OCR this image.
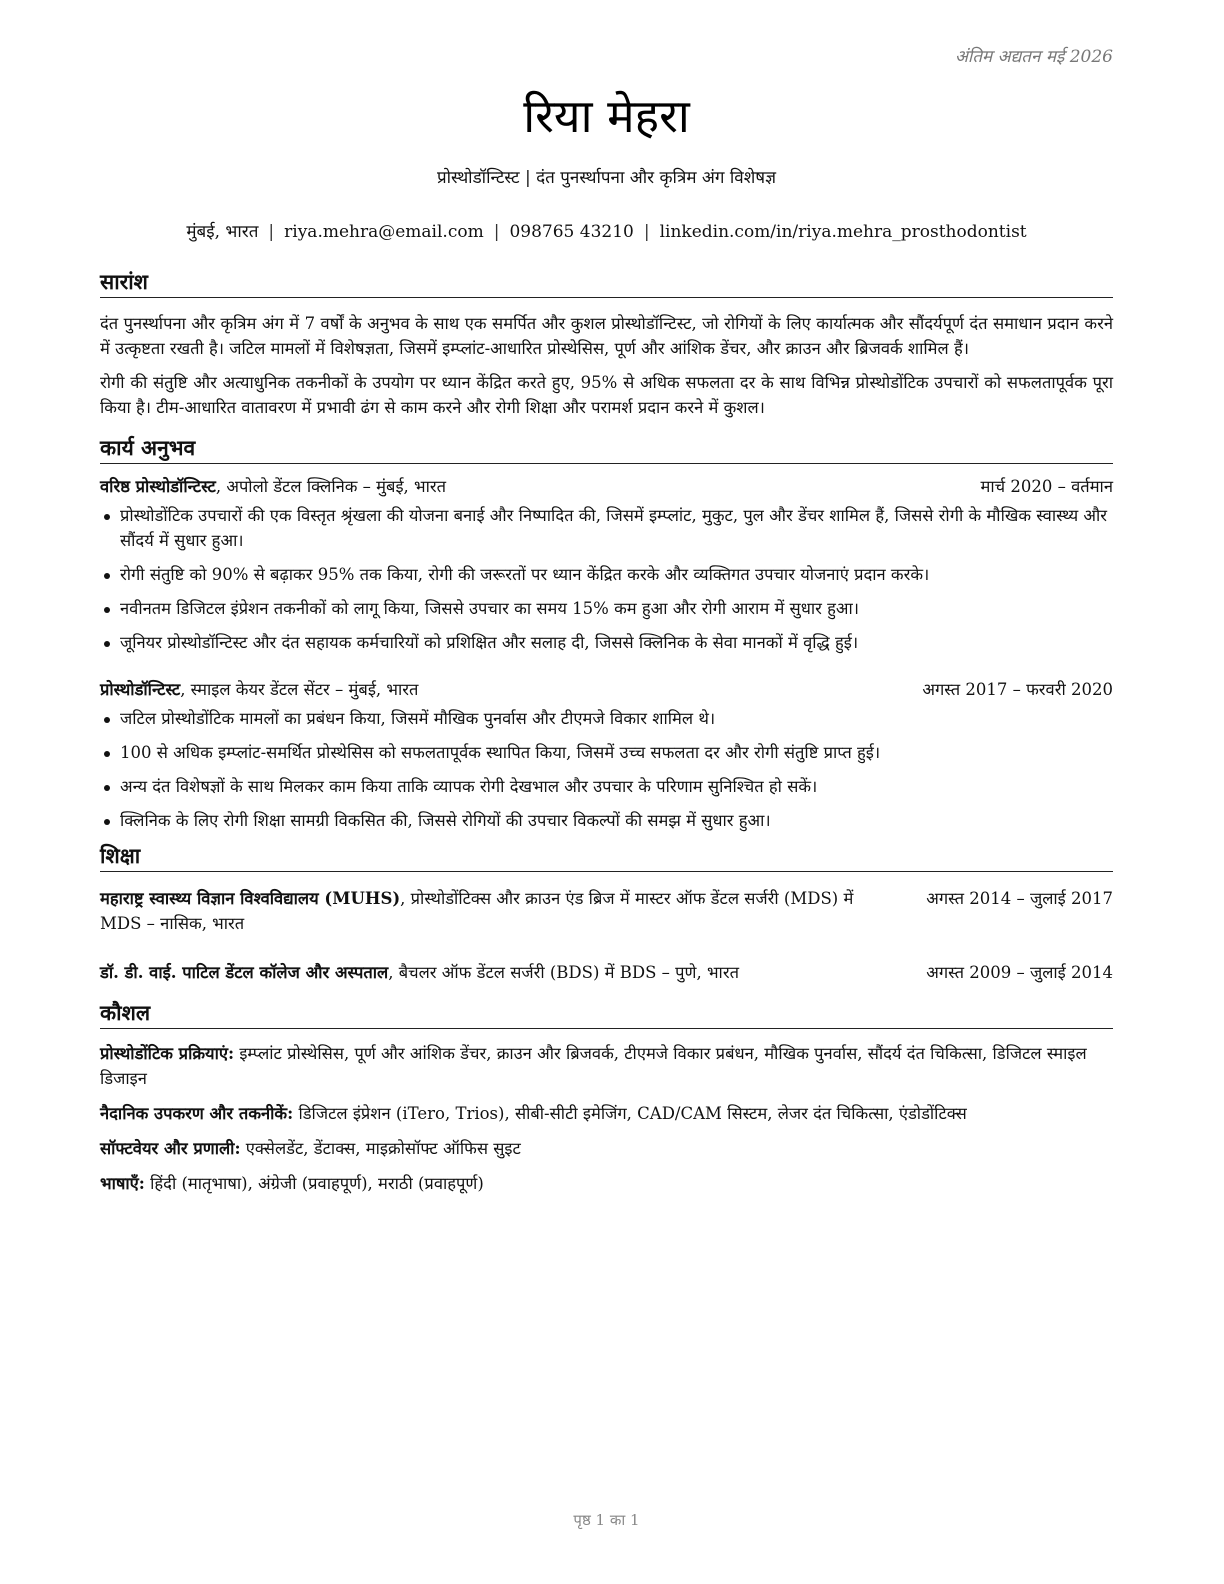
अंतिम अद्यतन मई 2026
रिया मेहरा
प्रोस्थोडॉन्टिस्ट | दंत पुनर्स्थापना और कृत्रिम अंग विशेषज्ञ
मुंबई, भारत | riya.mehra@email.com | 098765 43210 | linkedin.com/in/riya.mehra_prosthodontist
सारांश

दंत पुनर्स्थापना और कृत्रिम अंग में 7 वर्षों के अनुभव के साथ एक समर्पित और कुशल प्रोस्थोडॉन्टिस्ट, जो रोगियों के लिए कार्यात्मक और सौंदर्यपूर्ण दंत समाधान प्रदान करने में उत्कृष्टता रखती है। जटिल मामलों में विशेषज्ञता, जिसमें इम्प्लांट-आधारित प्रोस्थेसिस, पूर्ण और आंशिक डेंचर, और क्राउन और ब्रिजवर्क शामिल हैं।

रोगी की संतुष्टि और अत्याधुनिक तकनीकों के उपयोग पर ध्यान केंद्रित करते हुए, 95% से अधिक सफलता दर के साथ विभिन्न प्रोस्थोडोंटिक उपचारों को सफलतापूर्वक पूरा किया है। टीम-आधारित वातावरण में प्रभावी ढंग से काम करने और रोगी शिक्षा और परामर्श प्रदान करने में कुशल।

कार्य अनुभव
वरिष्ठ प्रोस्थोडॉन्टिस्ट, अपोलो डेंटल क्लिनिक – मुंबई, भारत	मार्च 2020 – वर्तमान
प्रोस्थोडोंटिक उपचारों की एक विस्तृत श्रृंखला की योजना बनाई और निष्पादित की, जिसमें इम्प्लांट, मुकुट, पुल और डेंचर शामिल हैं, जिससे रोगी के मौखिक स्वास्थ्य और सौंदर्य में सुधार हुआ।
रोगी संतुष्टि को 90% से बढ़ाकर 95% तक किया, रोगी की जरूरतों पर ध्यान केंद्रित करके और व्यक्तिगत उपचार योजनाएं प्रदान करके।
नवीनतम डिजिटल इंप्रेशन तकनीकों को लागू किया, जिससे उपचार का समय 15% कम हुआ और रोगी आराम में सुधार हुआ।
जूनियर प्रोस्थोडॉन्टिस्ट और दंत सहायक कर्मचारियों को प्रशिक्षित और सलाह दी, जिससे क्लिनिक के सेवा मानकों में वृद्धि हुई।
प्रोस्थोडॉन्टिस्ट, स्माइल केयर डेंटल सेंटर – मुंबई, भारत	अगस्त 2017 – फरवरी 2020
जटिल प्रोस्थोडोंटिक मामलों का प्रबंधन किया, जिसमें मौखिक पुनर्वास और टीएमजे विकार शामिल थे।
100 से अधिक इम्प्लांट-समर्थित प्रोस्थेसिस को सफलतापूर्वक स्थापित किया, जिसमें उच्च सफलता दर और रोगी संतुष्टि प्राप्त हुई।
अन्य दंत विशेषज्ञों के साथ मिलकर काम किया ताकि व्यापक रोगी देखभाल और उपचार के परिणाम सुनिश्चित हो सकें।
क्लिनिक के लिए रोगी शिक्षा सामग्री विकसित की, जिससे रोगियों की उपचार विकल्पों की समझ में सुधार हुआ।
शिक्षा
महाराष्ट्र स्वास्थ्य विज्ञान विश्वविद्यालय (MUHS), प्रोस्थोडोंटिक्स और क्राउन एंड ब्रिज में मास्टर ऑफ डेंटल सर्जरी (MDS) में MDS – नासिक, भारत
अगस्त 2014 – जुलाई 2017
डॉ. डी. वाई. पाटिल डेंटल कॉलेज और अस्पताल, बैचलर ऑफ डेंटल सर्जरी (BDS) में BDS – पुणे, भारत	अगस्त 2009 – जुलाई 2014
कौशल
प्रोस्थोडोंटिक प्रक्रियाएं: इम्प्लांट प्रोस्थेसिस, पूर्ण और आंशिक डेंचर, क्राउन और ब्रिजवर्क, टीएमजे विकार प्रबंधन, मौखिक पुनर्वास, सौंदर्य दंत चिकित्सा, डिजिटल स्माइल डिजाइन
नैदानिक उपकरण और तकनीकें: डिजिटल इंप्रेशन (iTero, Trios), सीबी-सीटी इमेजिंग, CAD/CAM सिस्टम, लेजर दंत चिकित्सा, एंडोडोंटिक्स
सॉफ्टवेयर और प्रणाली: एक्सेलडेंट, डेंटाक्स, माइक्रोसॉफ्ट ऑफिस सुइट
भाषाएँ: हिंदी (मातृभाषा), अंग्रेजी (प्रवाहपूर्ण), मराठी (प्रवाहपूर्ण)
पृष्ठ 1 का 1
